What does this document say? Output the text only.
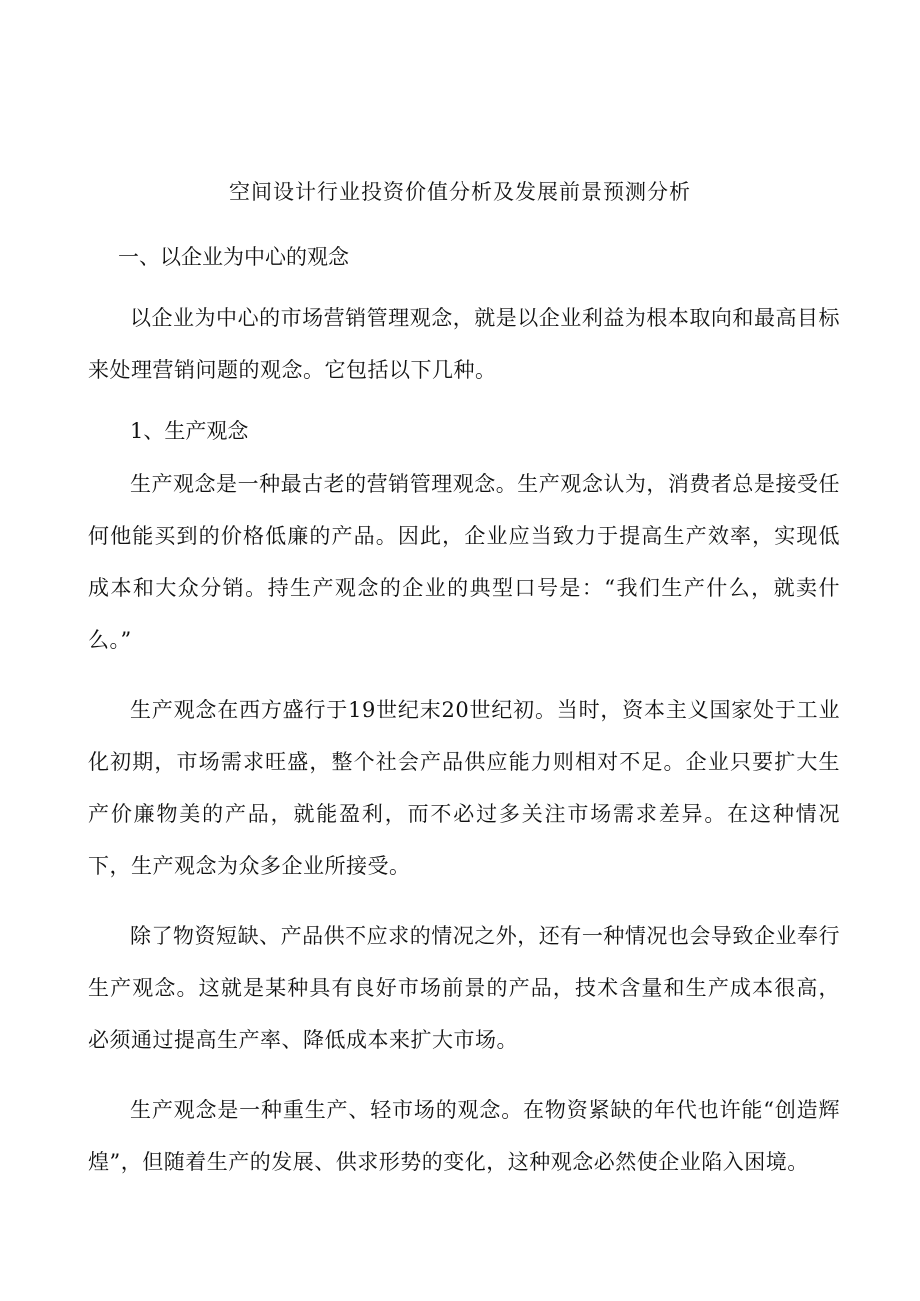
空间设计行业投资价值分析及发展前景预测分析
一、以企业为中心的观念

以企业为中心的市场营销管理观念，就是以企业利益为根本取向和最高目标来处理营销问题的观念。它包括以下几种。

1、生产观念

生产观念是一种最古老的营销管理观念。生产观念认为，消费者总是接受任何他能买到的价格低廉的产品。因此，企业应当致力于提高生产效率，实现低成本和大众分销。持生产观念的企业的典型口号是：“我们生产什么，就卖什么。”

生产观念在西方盛行于19世纪末20世纪初。当时，资本主义国家处于工业化初期，市场需求旺盛，整个社会产品供应能力则相对不足。企业只要扩大生产价廉物美的产品，就能盈利，而不必过多关注市场需求差异。在这种情况下，生产观念为众多企业所接受。

除了物资短缺、产品供不应求的情况之外，还有一种情况也会导致企业奉行生产观念。这就是某种具有良好市场前景的产品，技术含量和生产成本很高，必须通过提高生产率、降低成本来扩大市场。

生产观念是一种重生产、轻市场的观念。在物资紧缺的年代也许能“创造辉煌”，但随着生产的发展、供求形势的变化，这种观念必然使企业陷入困境。
